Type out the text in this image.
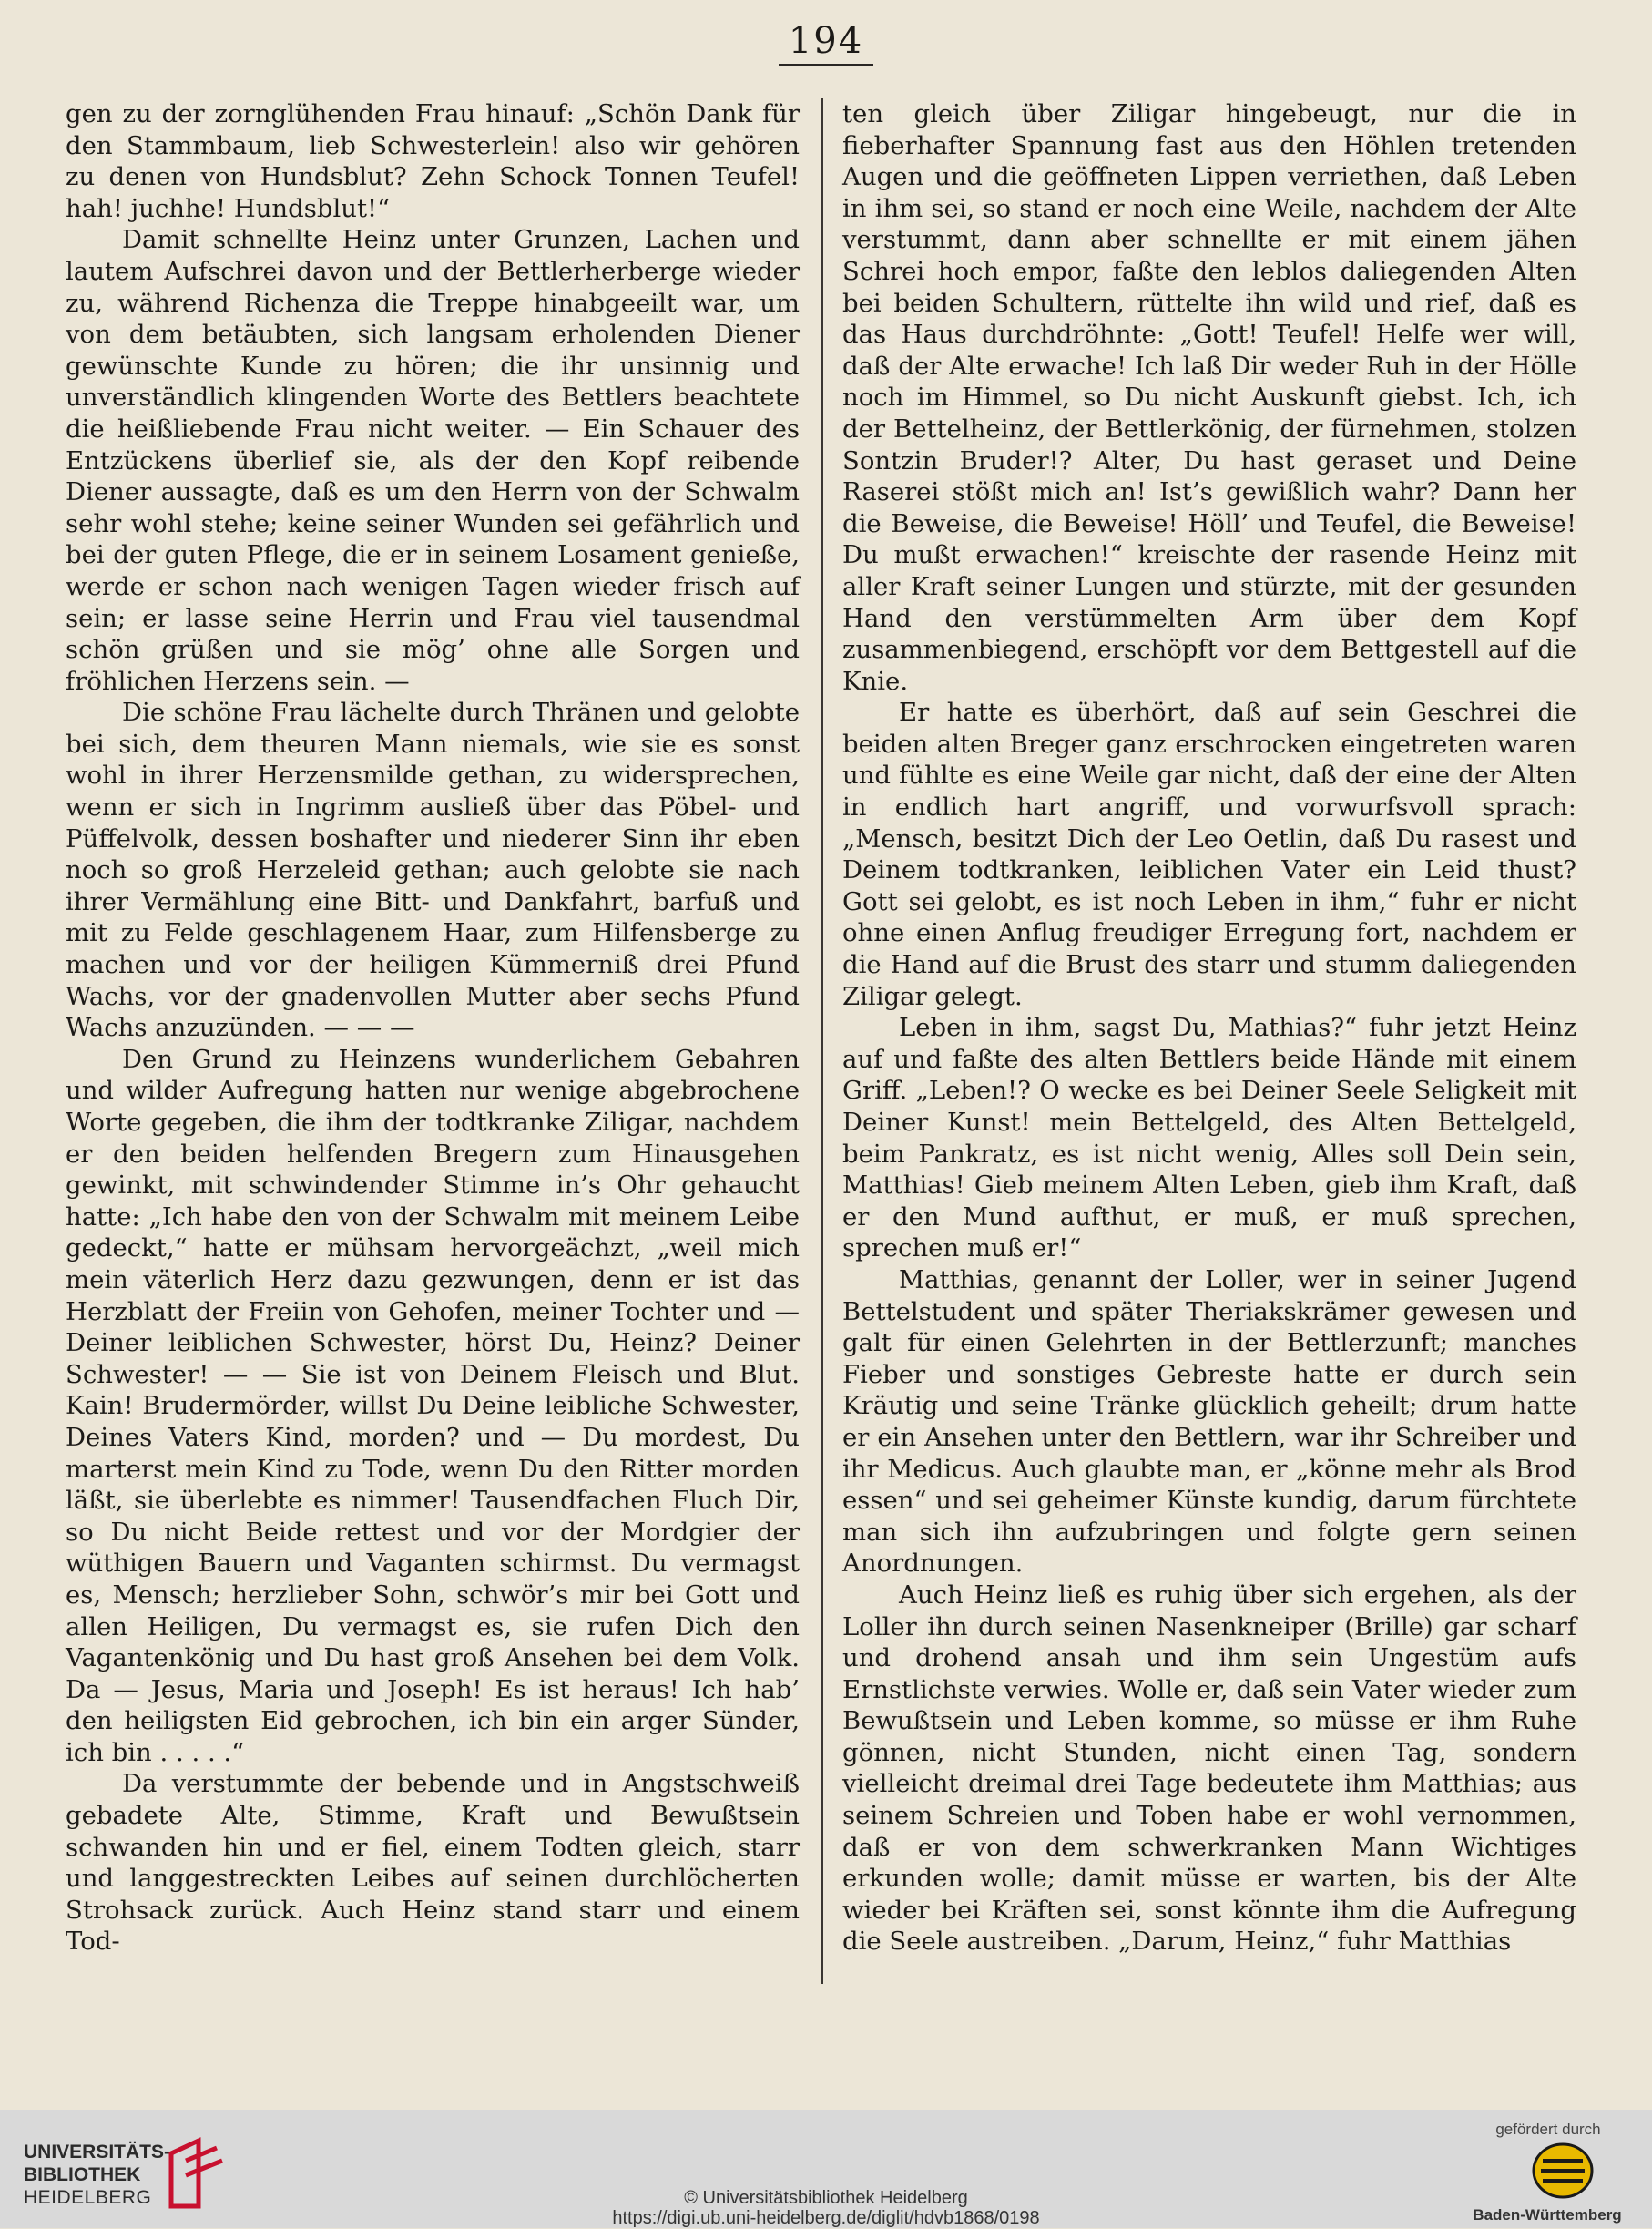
194

gen zu der zornglühenden Frau hinauf: „Schön Dank für den Stammbaum, lieb Schwesterlein! also wir gehören zu denen von Hundsblut? Zehn Schock Tonnen Teufel! hah! juchhe! Hundsblut!“

Damit schnellte Heinz unter Grunzen, Lachen und lautem Aufschrei davon und der Bettlerherberge wieder zu, während Richenza die Treppe hinabgeeilt war, um von dem betäubten, sich langsam erholenden Diener gewünschte Kunde zu hören; die ihr unsinnig und unverständlich klingenden Worte des Bettlers beachtete die heißliebende Frau nicht weiter. — Ein Schauer des Entzückens überlief sie, als der den Kopf reibende Diener aussagte, daß es um den Herrn von der Schwalm sehr wohl stehe; keine seiner Wunden sei gefährlich und bei der guten Pflege, die er in seinem Losament genieße, werde er schon nach wenigen Tagen wieder frisch auf sein; er lasse seine Herrin und Frau viel tausendmal schön grüßen und sie mög’ ohne alle Sorgen und fröhlichen Herzens sein. —

Die schöne Frau lächelte durch Thränen und gelobte bei sich, dem theuren Mann niemals, wie sie es sonst wohl in ihrer Herzensmilde gethan, zu widersprechen, wenn er sich in Ingrimm ausließ über das Pöbel- und Püffelvolk, dessen boshafter und niederer Sinn ihr eben noch so groß Herzeleid gethan; auch gelobte sie nach ihrer Vermählung eine Bitt- und Dankfahrt, barfuß und mit zu Felde geschlagenem Haar, zum Hilfensberge zu machen und vor der heiligen Kümmerniß drei Pfund Wachs, vor der gnadenvollen Mutter aber sechs Pfund Wachs anzuzünden. — — —

Den Grund zu Heinzens wunderlichem Gebahren und wilder Aufregung hatten nur wenige abgebrochene Worte gegeben, die ihm der todtkranke Ziligar, nachdem er den beiden helfenden Bregern zum Hinausgehen gewinkt, mit schwindender Stimme in’s Ohr gehaucht hatte: „Ich habe den von der Schwalm mit meinem Leibe gedeckt,“ hatte er mühsam hervorgeächzt, „weil mich mein väterlich Herz dazu gezwungen, denn er ist das Herzblatt der Freiin von Gehofen, meiner Tochter und — Deiner leiblichen Schwester, hörst Du, Heinz? Deiner Schwester! — — Sie ist von Deinem Fleisch und Blut. Kain! Brudermörder, willst Du Deine leibliche Schwester, Deines Vaters Kind, morden? und — Du mordest, Du marterst mein Kind zu Tode, wenn Du den Ritter morden läßt, sie überlebte es nimmer! Tausendfachen Fluch Dir, so Du nicht Beide rettest und vor der Mordgier der wüthigen Bauern und Vaganten schirmst. Du vermagst es, Mensch; herzlieber Sohn, schwör’s mir bei Gott und allen Heiligen, Du vermagst es, sie rufen Dich den Vagantenkönig und Du hast groß Ansehen bei dem Volk. Da — Jesus, Maria und Joseph! Es ist heraus! Ich hab’ den heiligsten Eid gebrochen, ich bin ein arger Sünder, ich bin . . . . .“

Da verstummte der bebende und in Angstschweiß gebadete Alte, Stimme, Kraft und Bewußtsein schwanden hin und er fiel, einem Todten gleich, starr und langgestreckten Leibes auf seinen durchlöcherten Strohsack zurück. Auch Heinz stand starr und einem Tod-

ten gleich über Ziligar hingebeugt, nur die in fieberhafter Spannung fast aus den Höhlen tretenden Augen und die geöffneten Lippen verriethen, daß Leben in ihm sei, so stand er noch eine Weile, nachdem der Alte verstummt, dann aber schnellte er mit einem jähen Schrei hoch empor, faßte den leblos daliegenden Alten bei beiden Schultern, rüttelte ihn wild und rief, daß es das Haus durchdröhnte: „Gott! Teufel! Helfe wer will, daß der Alte erwache! Ich laß Dir weder Ruh in der Hölle noch im Himmel, so Du nicht Auskunft giebst. Ich, ich der Bettelheinz, der Bettlerkönig, der fürnehmen, stolzen Sontzin Bruder!? Alter, Du hast geraset und Deine Raserei stößt mich an! Ist’s gewißlich wahr? Dann her die Beweise, die Beweise! Höll’ und Teufel, die Beweise! Du mußt erwachen!“ kreischte der rasende Heinz mit aller Kraft seiner Lungen und stürzte, mit der gesunden Hand den verstümmelten Arm über dem Kopf zusammenbiegend, erschöpft vor dem Bettgestell auf die Knie.

Er hatte es überhört, daß auf sein Geschrei die beiden alten Breger ganz erschrocken eingetreten waren und fühlte es eine Weile gar nicht, daß der eine der Alten in endlich hart angriff, und vorwurfsvoll sprach: „Mensch, besitzt Dich der Leo Oetlin, daß Du rasest und Deinem todtkranken, leiblichen Vater ein Leid thust? Gott sei gelobt, es ist noch Leben in ihm,“ fuhr er nicht ohne einen Anflug freudiger Erregung fort, nachdem er die Hand auf die Brust des starr und stumm daliegenden Ziligar gelegt.

Leben in ihm, sagst Du, Mathias?“ fuhr jetzt Heinz auf und faßte des alten Bettlers beide Hände mit einem Griff. „Leben!? O wecke es bei Deiner Seele Seligkeit mit Deiner Kunst! mein Bettelgeld, des Alten Bettelgeld, beim Pankratz, es ist nicht wenig, Alles soll Dein sein, Matthias! Gieb meinem Alten Leben, gieb ihm Kraft, daß er den Mund aufthut, er muß, er muß sprechen, sprechen muß er!“

Matthias, genannt der Loller, wer in seiner Jugend Bettelstudent und später Theriakskrämer gewesen und galt für einen Gelehrten in der Bettlerzunft; manches Fieber und sonstiges Gebreste hatte er durch sein Kräutig und seine Tränke glücklich geheilt; drum hatte er ein Ansehen unter den Bettlern, war ihr Schreiber und ihr Medicus. Auch glaubte man, er „könne mehr als Brod essen“ und sei geheimer Künste kundig, darum fürchtete man sich ihn aufzubringen und folgte gern seinen Anordnungen.

Auch Heinz ließ es ruhig über sich ergehen, als der Loller ihn durch seinen Nasenkneiper (Brille) gar scharf und drohend ansah und ihm sein Ungestüm aufs Ernstlichste verwies. Wolle er, daß sein Vater wieder zum Bewußtsein und Leben komme, so müsse er ihm Ruhe gönnen, nicht Stunden, nicht einen Tag, sondern vielleicht dreimal drei Tage bedeutete ihm Matthias; aus seinem Schreien und Toben habe er wohl vernommen, daß er von dem schwerkranken Mann Wichtiges erkunden wolle; damit müsse er warten, bis der Alte wieder bei Kräften sei, sonst könnte ihm die Aufregung die Seele austreiben. „Darum, Heinz,“ fuhr Matthias

UNIVERSITÄTS-
BIBLIOTHEK
HEIDELBERG	© Universitätsbibliothek Heidelberg
https://digi.ub.uni-heidelberg.de/diglit/hdvb1868/0198
gefördert durch
Baden-Württemberg
